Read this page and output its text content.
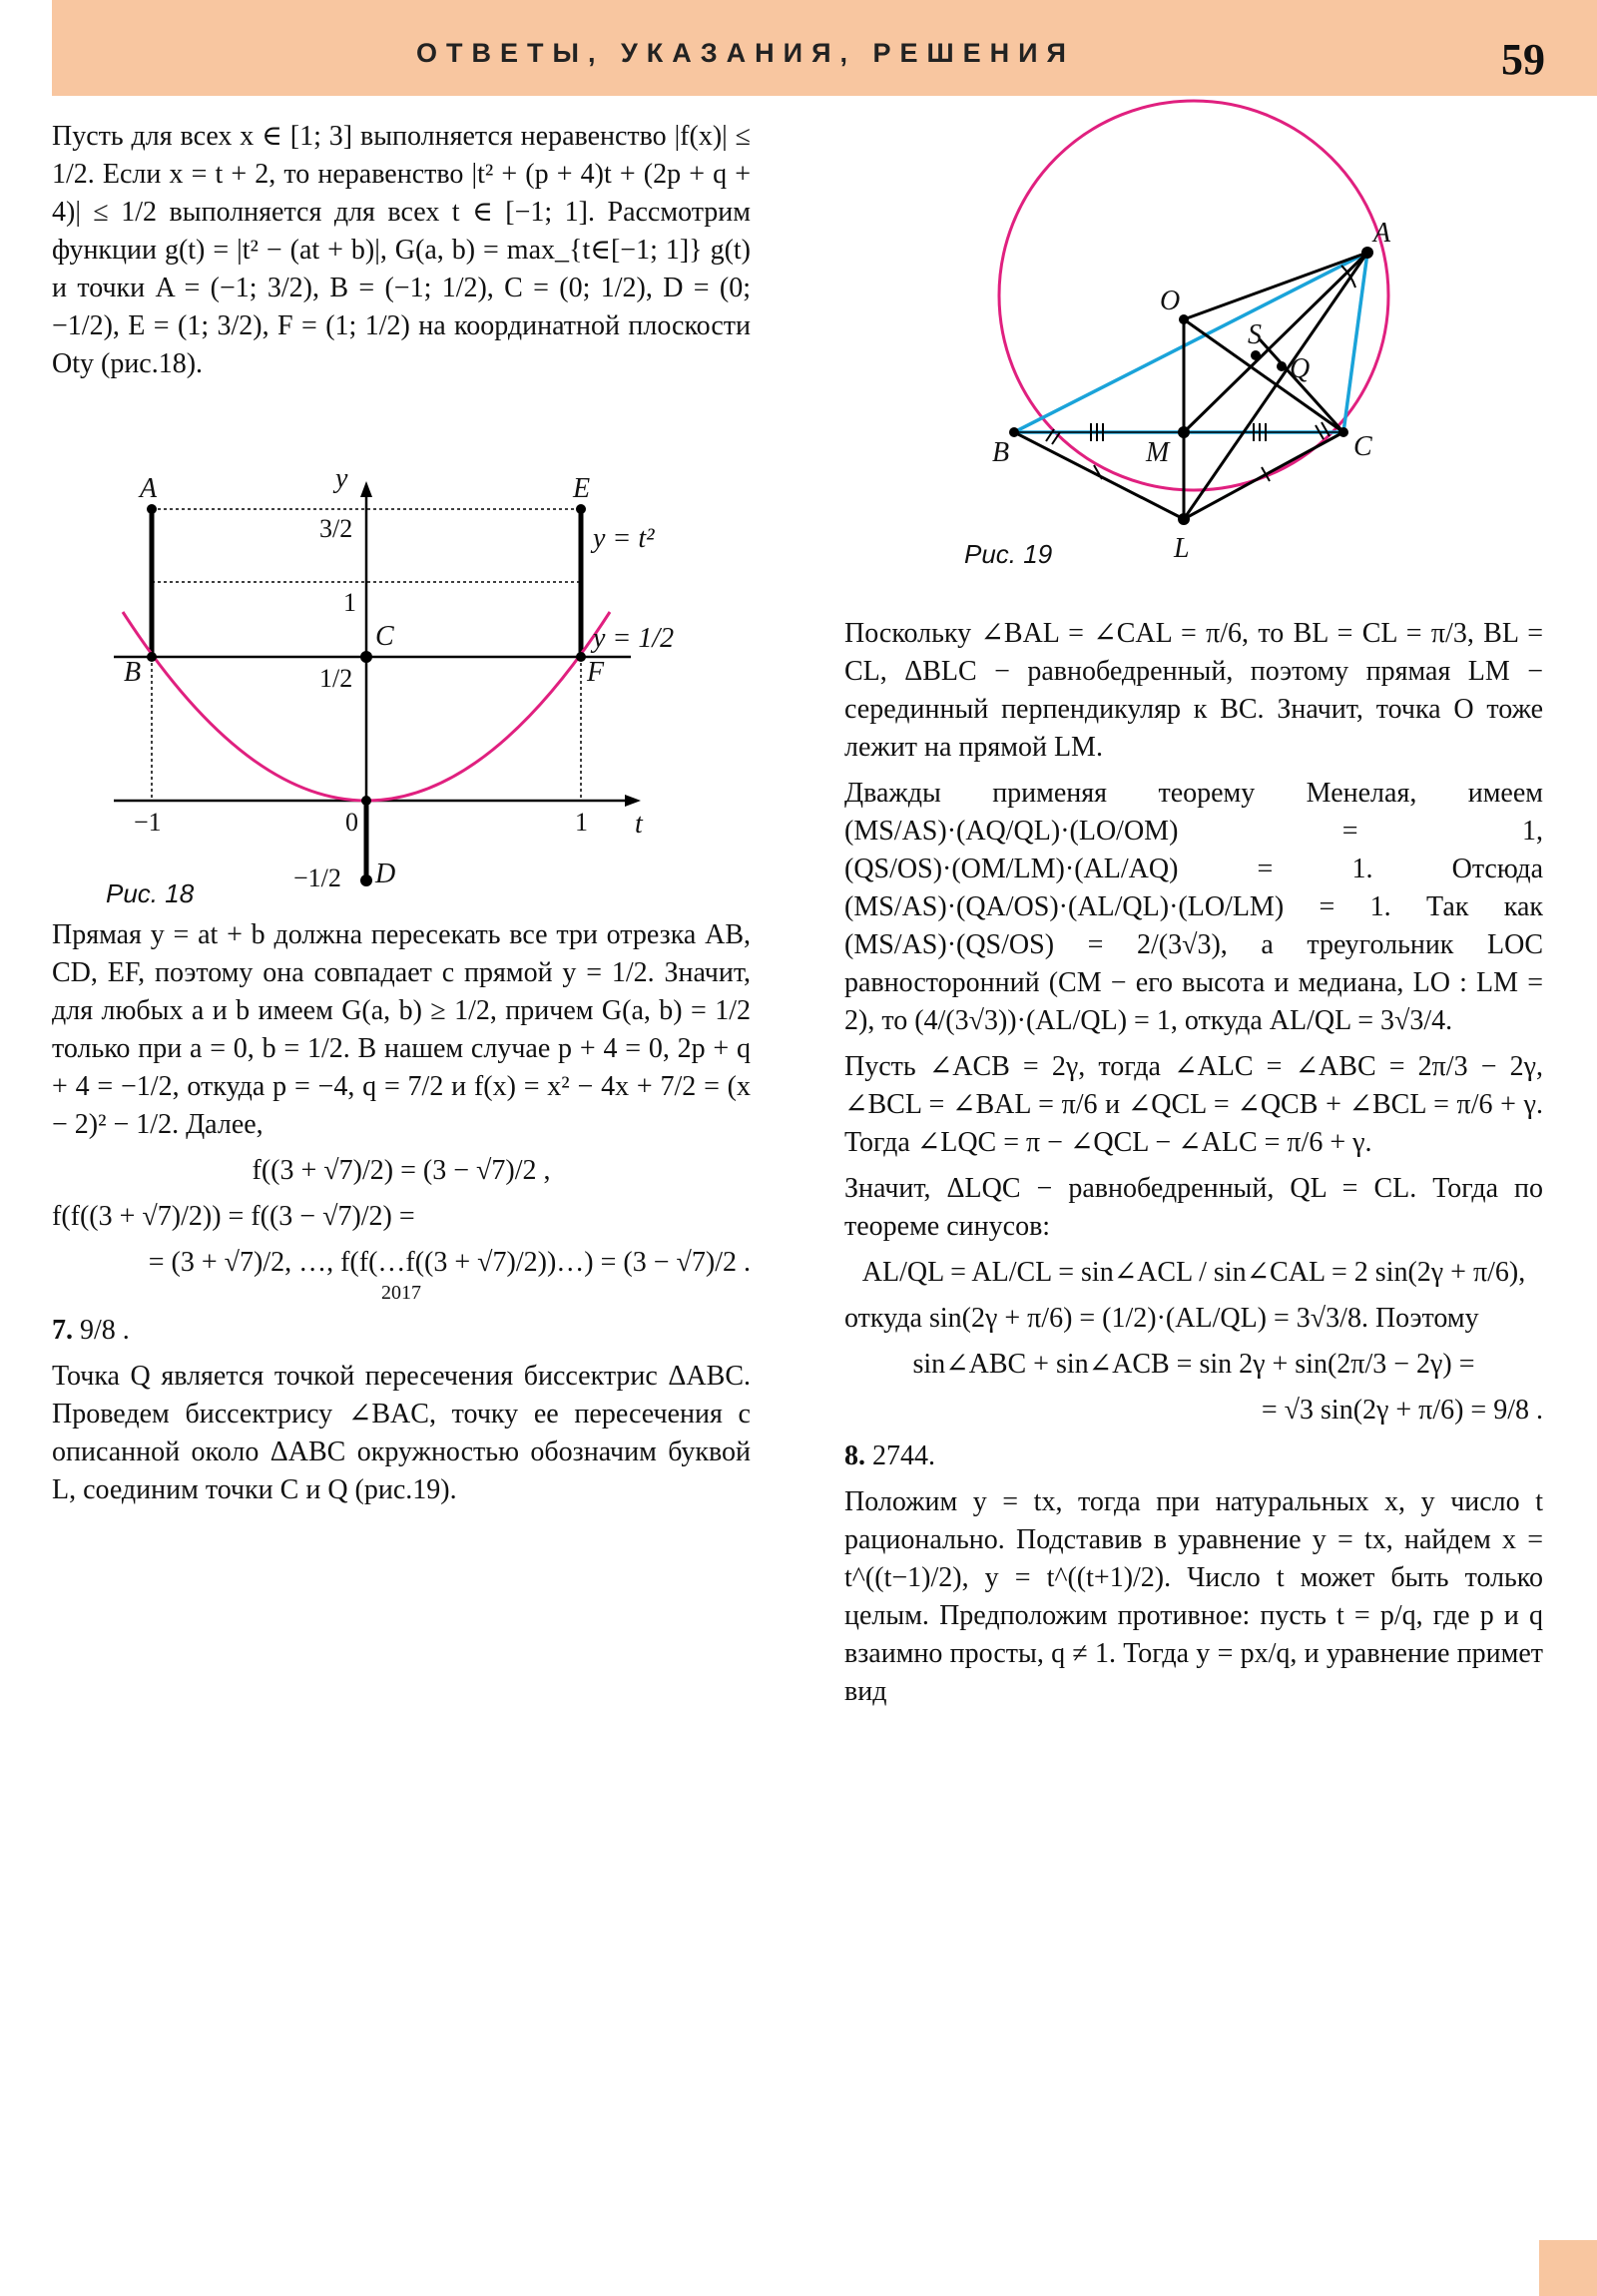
ОТВЕТЫ, УКАЗАНИЯ, РЕШЕНИЯ	59

Пусть для всех x ∈ [1; 3] выполняется неравенство |f(x)| ≤ 1/2. Если x = t + 2, то неравенство |t² + (p + 4)t + (2p + q + 4)| ≤ 1/2 выполняется для всех t ∈ [−1; 1]. Рассмотрим функции g(t) = |t² − (at + b)|, G(a, b) = max_{t∈[−1; 1]} g(t) и точки A = (−1; 3/2), B = (−1; 1/2), C = (0; 1/2), D = (0; −1/2), E = (1; 3/2), F = (1; 1/2) на координатной плоскости Oty (рис.18).

A	E
B	F
C
D
y
t
3/2
1
1/2
−1/2
−1	0	1
y = t²
y = 1/2
Рис. 18

Прямая y = at + b должна пересекать все три отрезка AB, CD, EF, поэтому она совпадает с прямой y = 1/2. Значит, для любых a и b имеем G(a, b) ≥ 1/2, причем G(a, b) = 1/2 только при a = 0, b = 1/2. В нашем случае p + 4 = 0, 2p + q + 4 = −1/2, откуда p = −4, q = 7/2 и f(x) = x² − 4x + 7/2 = (x − 2)² − 1/2. Далее,

f((3 + √7)/2) = (3 − √7)/2 ,

f(f((3 + √7)/2)) = f((3 − √7)/2) =

= (3 + √7)/2, …, f(f(…f((3 + √7)/2))…) = (3 − √7)/2 .

2017

7. 9/8 .

Точка Q является точкой пересечения биссектрис ΔABC. Проведем биссектрису ∠BAC, точку ее пересечения с описанной около ΔABC окружностью обозначим буквой L, соединим точки C и Q (рис.19).

A
O
S
Q
B	M	C
L
Рис. 19

Поскольку ∠BAL = ∠CAL = π/6, то BL = CL = π/3, BL = CL, ΔBLC − равнобедренный, поэтому прямая LM − серединный перпендикуляр к BC. Значит, точка O тоже лежит на прямой LM.

Дважды применяя теорему Менелая, имеем (MS/AS)·(AQ/QL)·(LO/OM) = 1, (QS/OS)·(OM/LM)·(AL/AQ) = 1. Отсюда (MS/AS)·(QA/OS)·(AL/QL)·(LO/LM) = 1. Так как (MS/AS)·(QS/OS) = 2/(3√3), а треугольник LOC равносторонний (CM − его высота и медиана, LO : LM = 2), то (4/(3√3))·(AL/QL) = 1, откуда AL/QL = 3√3/4.

Пусть ∠ACB = 2γ, тогда ∠ALC = ∠ABC = 2π/3 − 2γ, ∠BCL = ∠BAL = π/6 и ∠QCL = ∠QCB + ∠BCL = π/6 + γ. Тогда ∠LQC = π − ∠QCL − ∠ALC = π/6 + γ.

Значит, ΔLQC − равнобедренный, QL = CL. Тогда по теореме синусов:

AL/QL = AL/CL = sin∠ACL / sin∠CAL = 2 sin(2γ + π/6),

откуда sin(2γ + π/6) = (1/2)·(AL/QL) = 3√3/8. Поэтому

sin∠ABC + sin∠ACB = sin 2γ + sin(2π/3 − 2γ) =

= √3 sin(2γ + π/6) = 9/8 .

8. 2744.

Положим y = tx, тогда при натуральных x, y число t рационально. Подставив в уравнение y = tx, найдем x = t^((t−1)/2), y = t^((t+1)/2). Число t может быть только целым. Предположим противное: пусть t = p/q, где p и q взаимно просты, q ≠ 1. Тогда y = px/q, и уравнение примет вид
